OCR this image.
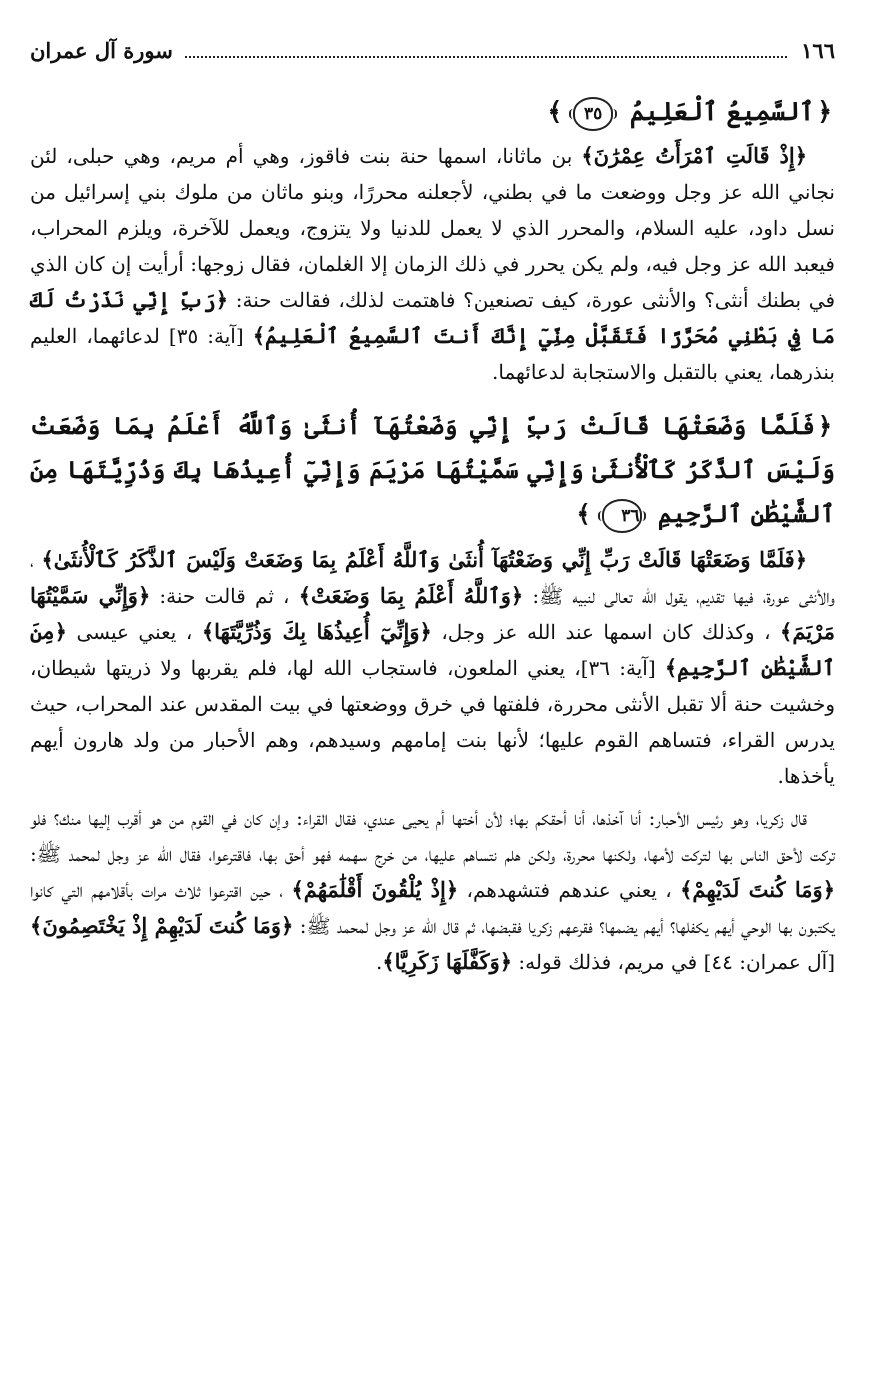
١٦٦
سورة آل عمران
﴿ٱلسَّمِيعُ ٱلْعَلِيمُ ٣٥﴾

﴿إِذْ قَالَتِ ٱمْرَأَتُ عِمْرَٰنَ﴾ بن ماثانا، اسمها حنة بنت فاقوز، وهي أم مريم، وهي حبلى، لئن نجاني الله عز وجل ووضعت ما في بطني، لأجعلنه محررًا، وبنو ماثان من ملوك بني إسرائيل من نسل داود، عليه السلام، والمحرر الذي لا يعمل للدنيا ولا يتزوج، ويعمل للآخرة، ويلزم المحراب، فيعبد الله عز وجل فيه، ولم يكن يحرر في ذلك الزمان إلا الغلمان، فقال زوجها: أرأيت إن كان الذي في بطنك أنثى؟ والأنثى عورة، كيف تصنعين؟ فاهتمت لذلك، فقالت حنة: ﴿رَبِّ إِنِّي نَذَرْتُ لَكَ مَا فِي بَطْنِي مُحَرَّرًا فَتَقَبَّلْ مِنِّيٓ إِنَّكَ أَنتَ ٱلسَّمِيعُ ٱلْعَلِيمُ﴾ [آية: ٣٥] لدعائهما، العليم بنذرهما، يعني بالتقبل والاستجابة لدعائهما.

﴿فَلَمَّا وَضَعَتْهَا قَالَتْ رَبِّ إِنِّي وَضَعْتُهَآ أُنثَىٰ وَٱللَّهُ أَعْلَمُ بِمَا وَضَعَتْ وَلَيْسَ ٱلذَّكَرُ كَٱلْأُنثَىٰ وَإِنِّي سَمَّيْتُهَا مَرْيَمَ وَإِنِّيٓ أُعِيذُهَا بِكَ وَذُرِّيَّتَهَا مِنَ ٱلشَّيْطَٰنِ ٱلرَّجِيمِ ٣٦﴾

﴿فَلَمَّا وَضَعَتْهَا قَالَتْ رَبِّ إِنِّي وَضَعْتُهَآ أُنثَىٰ وَٱللَّهُ أَعْلَمُ بِمَا وَضَعَتْ وَلَيْسَ ٱلذَّكَرُ كَٱلْأُنثَىٰ﴾ ، والأنثى عورة، فيها تقديم، يقول الله تعالى لنبيه ﷺ: ﴿وَٱللَّهُ أَعْلَمُ بِمَا وَضَعَتْ﴾ ، ثم قالت حنة: ﴿وَإِنِّي سَمَّيْتُهَا مَرْيَمَ﴾ ، وكذلك كان اسمها عند الله عز وجل، ﴿وَإِنِّيٓ أُعِيذُهَا بِكَ وَذُرِّيَّتَهَا﴾ ، يعني عيسى ﴿مِنَ ٱلشَّيْطَٰنِ ٱلرَّجِيمِ﴾ [آية: ٣٦]، يعني الملعون، فاستجاب الله لها، فلم يقربها ولا ذريتها شيطان، وخشيت حنة ألا تقبل الأنثى محررة، فلفتها في خرق ووضعتها في بيت المقدس عند المحراب، حيث يدرس القراء، فتساهم القوم عليها؛ لأنها بنت إمامهم وسيدهم، وهم الأحبار من ولد هارون أيهم يأخذها.

قال زكريا، وهو رئيس الأحبار: أنا آخذها، أنا أحقكم بها؛ لأن أختها أم يحيى عندي، فقال القراء: وإن كان في القوم من هو أقرب إليها منك؟ فلو تركت لأحق الناس بها لتركت لأمها، ولكنها محررة، ولكن هلم نتساهم عليها، من خرج سهمه فهو أحق بها، فاقترعوا، فقال الله عز وجل لمحمد ﷺ: ﴿وَمَا كُنتَ لَدَيْهِمْ﴾ ، يعني عندهم فتشهدهم، ﴿إِذْ يُلْقُونَ أَقْلَٰمَهُمْ﴾ ، حين اقترعوا ثلاث مرات بأقلامهم التي كانوا يكتبون بها الوحي أيهم يكفلها؟ أيهم يضمها؟ فقرعهم زكريا فقبضها، ثم قال الله عز وجل لمحمد ﷺ: ﴿وَمَا كُنتَ لَدَيْهِمْ إِذْ يَخْتَصِمُونَ﴾ [آل عمران: ٤٤] في مريم، فذلك قوله: ﴿وَكَفَّلَهَا زَكَرِيَّا﴾.
